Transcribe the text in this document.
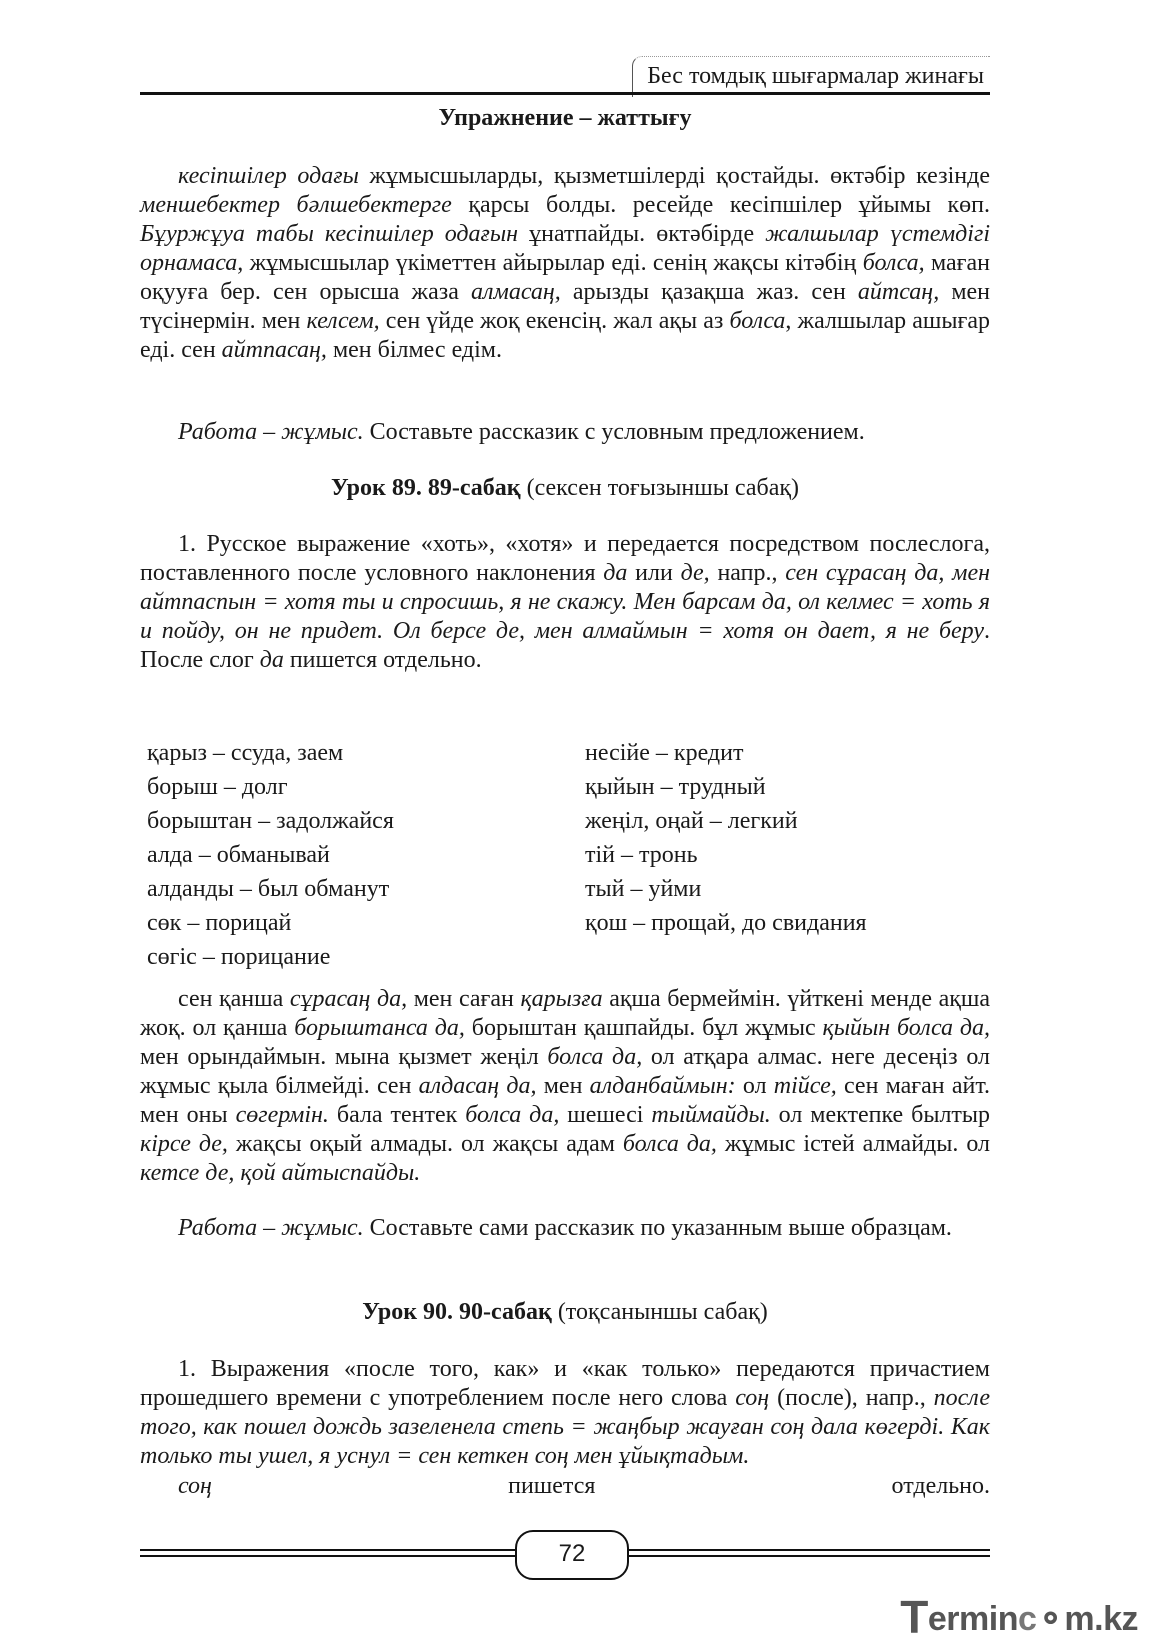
Бес томдық шығармалар жинағы
Упражнение – жаттығу
кесіпшілер одағы жұмысшыларды, қызметшілерді қостайды. өктәбір кезінде меншебектер бәлшебектерге қарсы болды. ресейде кесіпшілер ұйымы көп. Бұуржұуа табы кесіпшілер одағын ұнатпайды. өктәбірде жалшылар үстемдігі орнамаса, жұмысшылар үкіметтен айырылар еді. сенің жақсы кітәбің болса, маған оқууға бер. сен орысша жаза алмасаң, арызды қазақша жаз. сен айтсаң, мен түсінермін. мен келсем, сен үйде жоқ екенсің. жал ақы аз болса, жалшылар ашығар еді. сен айтпасаң, мен білмес едім.
Работа – жұмыс. Составьте рассказик с условным предложением.
Урок 89. 89-сабақ (сексен тоғызыншы сабақ)
1. Русское выражение «хоть», «хотя» и передается посредством послеслога, поставленного после условного наклонения да или де, напр., сен сұрасаң да, мен айтпаспын = хотя ты и спросишь, я не скажу. Мен барсам да, ол келмес = хоть я и пойду, он не придет. Ол берсе де, мен алмаймын = хотя он дает, я не беру. После слог да пишется отдельно.
қарыз – ссуда, заем
борыш – долг
борыштан – задолжайся
алда – обманывай
алданды – был обманут
сөк – порицай
сөгіс – порицание
несійе – кредит
қыйын – трудный
жеңіл, оңай – легкий
тій – тронь
тый – уйми
қош – прощай, до свидания
сен қанша сұрасаң да, мен саған қарызға ақша бермеймін. үйткені менде ақша жоқ. ол қанша борыштанса да, борыштан қашпайды. бұл жұмыс қыйын болса да, мен орындаймын. мына қызмет жеңіл болса да, ол атқара алмас. неге десеңіз ол жұмыс қыла білмейді. сен алдасаң да, мен алданбаймын: ол тійсе, сен маған айт. мен оны сөгермін. бала тентек болса да, шешесі тыймайды. ол мектепке былтыр кірсе де, жақсы оқый алмады. ол жақсы адам болса да, жұмыс істей алмайды. ол кетсе де, қой айтыспайды.
Работа – жұмыс. Составьте сами рассказик по указанным выше образцам.
Урок 90. 90-сабақ (тоқсаныншы сабақ)
1. Выражения «после того, как» и «как только» передаются причастием прошедшего времени с употреблением после него слова соң (после), напр., после того, как пошел дождь зазеленела степь = жаңбыр жауған соң дала көгерді. Как только ты ушел, я уснул = сен кеткен соң мен ұйықтадым.
соң	пишется	отдельно.
72
Terminc⚬m.kz
